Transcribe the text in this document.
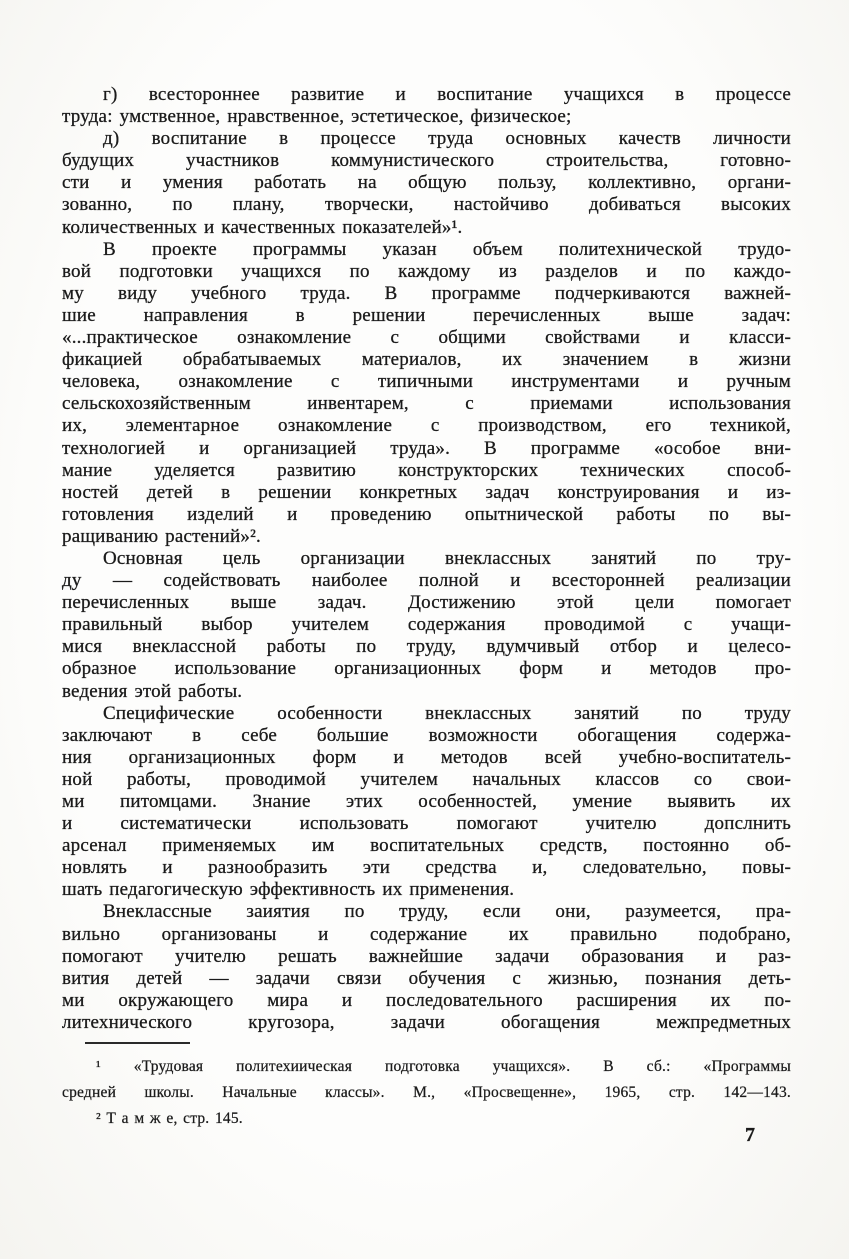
г) всестороннее развитие и воспитание учащихся в процессе
труда: умственное, нравственное, эстетическое, физическое;
д) воспитание в процессе труда основных качеств личности
будущих участников коммунистического строительства, готовно-
сти и умения работать на общую пользу, коллективно, органи-
зованно, по плану, творчески, настойчиво добиваться высоких
количественных и качественных показателей»¹.
В проекте программы указан объем политехнической трудо-
вой подготовки учащихся по каждому из разделов и по каждо-
му виду учебного труда. В программе подчеркиваются важней-
шие направления в решении перечисленных выше задач:
«...практическое ознакомление с общими свойствами и класси-
фикацией обрабатываемых материалов, их значением в жизни
человека, ознакомление с типичными инструментами и ручным
сельскохозяйственным инвентарем, с приемами использования
их, элементарное ознакомление с производством, его техникой,
технологией и организацией труда». В программе «особое вни-
мание уделяется развитию конструкторских технических способ-
ностей детей в решении конкретных задач конструирования и из-
готовления изделий и проведению опытнической работы по вы-
ращиванию растений»².
Основная цель организации внеклассных занятий по тру-
ду — содействовать наиболее полной и всесторонней реализации
перечисленных выше задач. Достижению этой цели помогает
правильный выбор учителем содержания проводимой с учащи-
мися внеклассной работы по труду, вдумчивый отбор и целесо-
образное использование организационных форм и методов про-
ведения этой работы.
Специфические особенности внеклассных занятий по труду
заключают в себе большие возможности обогащения содержа-
ния организационных форм и методов всей учебно-воспитатель-
ной работы, проводимой учителем начальных классов со свои-
ми питомцами. Знание этих особенностей, умение выявить их
и систематически использовать помогают учителю допслнить
арсенал применяемых им воспитательных средств, постоянно об-
новлять и разнообразить эти средства и, следовательно, повы-
шать педагогическую эффективность их применения.
Внеклассные заиятия по труду, если они, разумеется, пра-
вильно организованы и содержание их правильно подобрано,
помогают учителю решать важнейшие задачи образования и раз-
вития детей — задачи связи обучения с жизнью, познания деть-
ми окружающего мира и последовательного расширения их по-
литехнического кругозора, задачи обогащения межпредметных
¹ «Трудовая политехиическая подготовка учащихся». В сб.: «Программы
средней школы. Начальные классы». М., «Просвещенне», 1965, стр. 142—143.
² Т а м ж е, стр. 145.
7
